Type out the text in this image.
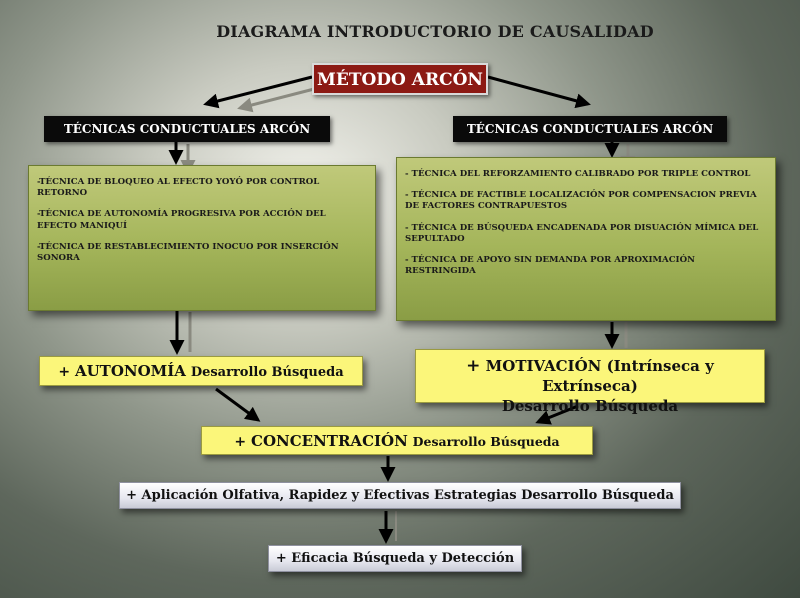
DIAGRAMA INTRODUCTORIO DE CAUSALIDAD
MÉTODO ARCÓN
TÉCNICAS CONDUCTUALES ARCÓN	TÉCNICAS CONDUCTUALES ARCÓN

-TÉCNICA DE BLOQUEO AL EFECTO YOYÓ POR CONTROL RETORNO

-TÉCNICA DE AUTONOMÍA PROGRESIVA POR ACCIÓN DEL EFECTO MANIQUÍ

-TÉCNICA DE RESTABLECIMIENTO INOCUO POR INSERCIÓN SONORA

- TÉCNICA DEL REFORZAMIENTO CALIBRADO POR TRIPLE CONTROL

- TÉCNICA DE FACTIBLE LOCALIZACIÓN POR COMPENSACION PREVIA DE FACTORES CONTRAPUESTOS

- TÉCNICA DE BÚSQUEDA ENCADENADA POR DISUACIÓN MÍMICA DEL SEPULTADO

- TÉCNICA DE APOYO SIN DEMANDA POR APROXIMACIÓN RESTRINGIDA

+ AUTONOMÍA Desarrollo Búsqueda	+ MOTIVACIÓN (Intrínseca y Extrínseca)
Desarrollo Búsqueda
+ CONCENTRACIÓN Desarrollo Búsqueda
+ Aplicación Olfativa, Rapidez y Efectivas Estrategias Desarrollo Búsqueda
+ Eficacia Búsqueda y Detección
